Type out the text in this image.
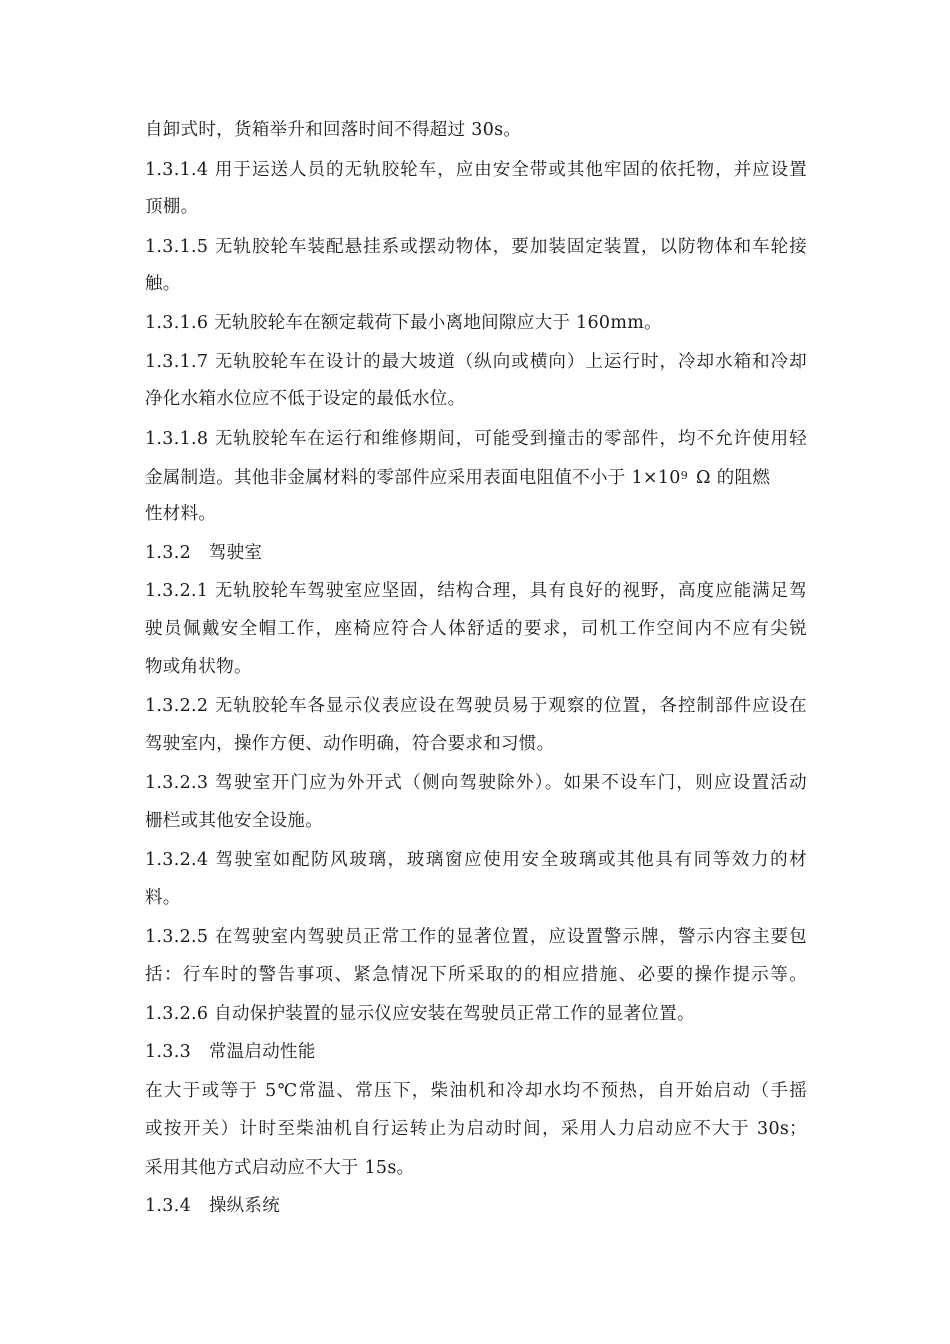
自卸式时，货箱举升和回落时间不得超过 30s。

1.3.1.4 用于运送人员的无轨胶轮车，应由安全带或其他牢固的依托物，并应设置

顶棚。

1.3.1.5 无轨胶轮车装配悬挂系或摆动物体，要加装固定装置，以防物体和车轮接

触。

1.3.1.6 无轨胶轮车在额定载荷下最小离地间隙应大于 160mm。

1.3.1.7 无轨胶轮车在设计的最大坡道（纵向或横向）上运行时，冷却水箱和冷却

净化水箱水位应不低于设定的最低水位。

1.3.1.8 无轨胶轮车在运行和维修期间，可能受到撞击的零部件，均不允许使用轻

金属制造。其他非金属材料的零部件应采用表面电阻值不小于 $1\times 10^9$ Ω 的阻燃

性材料。

1.3.2　驾驶室

1.3.2.1 无轨胶轮车驾驶室应坚固，结构合理，具有良好的视野，高度应能满足驾

驶员佩戴安全帽工作，座椅应符合人体舒适的要求，司机工作空间内不应有尖锐

物或角状物。

1.3.2.2 无轨胶轮车各显示仪表应设在驾驶员易于观察的位置，各控制部件应设在

驾驶室内，操作方便、动作明确，符合要求和习惯。

1.3.2.3 驾驶室开门应为外开式（侧向驾驶除外）。如果不设车门，则应设置活动

栅栏或其他安全设施。

1.3.2.4 驾驶室如配防风玻璃，玻璃窗应使用安全玻璃或其他具有同等效力的材

料。

1.3.2.5 在驾驶室内驾驶员正常工作的显著位置，应设置警示牌，警示内容主要包

括：行车时的警告事项、紧急情况下所采取的的相应措施、必要的操作提示等。

1.3.2.6 自动保护装置的显示仪应安装在驾驶员正常工作的显著位置。

1.3.3　常温启动性能

在大于或等于 5℃常温、常压下，柴油机和冷却水均不预热，自开始启动（手摇

或按开关）计时至柴油机自行运转止为启动时间，采用人力启动应不大于 30s；

采用其他方式启动应不大于 15s。

1.3.4　操纵系统
